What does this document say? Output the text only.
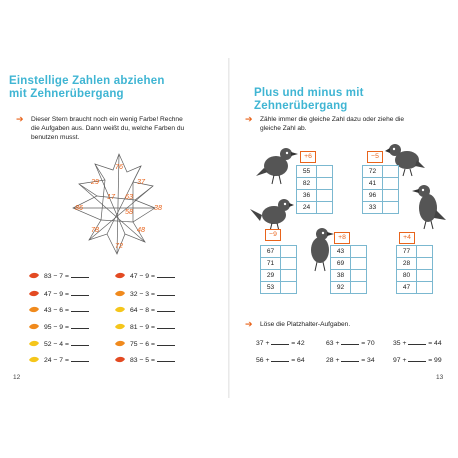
Einstellige Zahlen abziehen
mit Zehnerübergang
➔ Dieser Stern braucht noch ein wenig Farbe! Rechne
die Aufgaben aus. Dann weißt du, welche Farben du
benutzen musst.
76
29	37
17 63
86	58	38
78	48
72
83 − 7 =
47 − 9 =
43 − 6 =
95 − 9 =
52 − 4 =
24 − 7 =
47 − 9 =
32 − 3 =
64 − 8 =
81 − 9 =
75 − 6 =
83 − 5 =
12
Plus und minus mit Zehnerübergang
➔ Zähle immer die gleiche Zahl dazu oder ziehe die
gleiche Zahl ab.
+6
55	
82	
36	
24	
−5
72	
41	
96	
33	
−9
67	
71	
29	
53	
+8
43	
69	
38	
92	
+4
77	
28	
80	
47	
➔ Löse die Platzhalter-Aufgaben.
37 +	= 42	63 +	= 70	35 +	= 44
56 +	= 64	28 +	= 34	97 +	= 99
13
